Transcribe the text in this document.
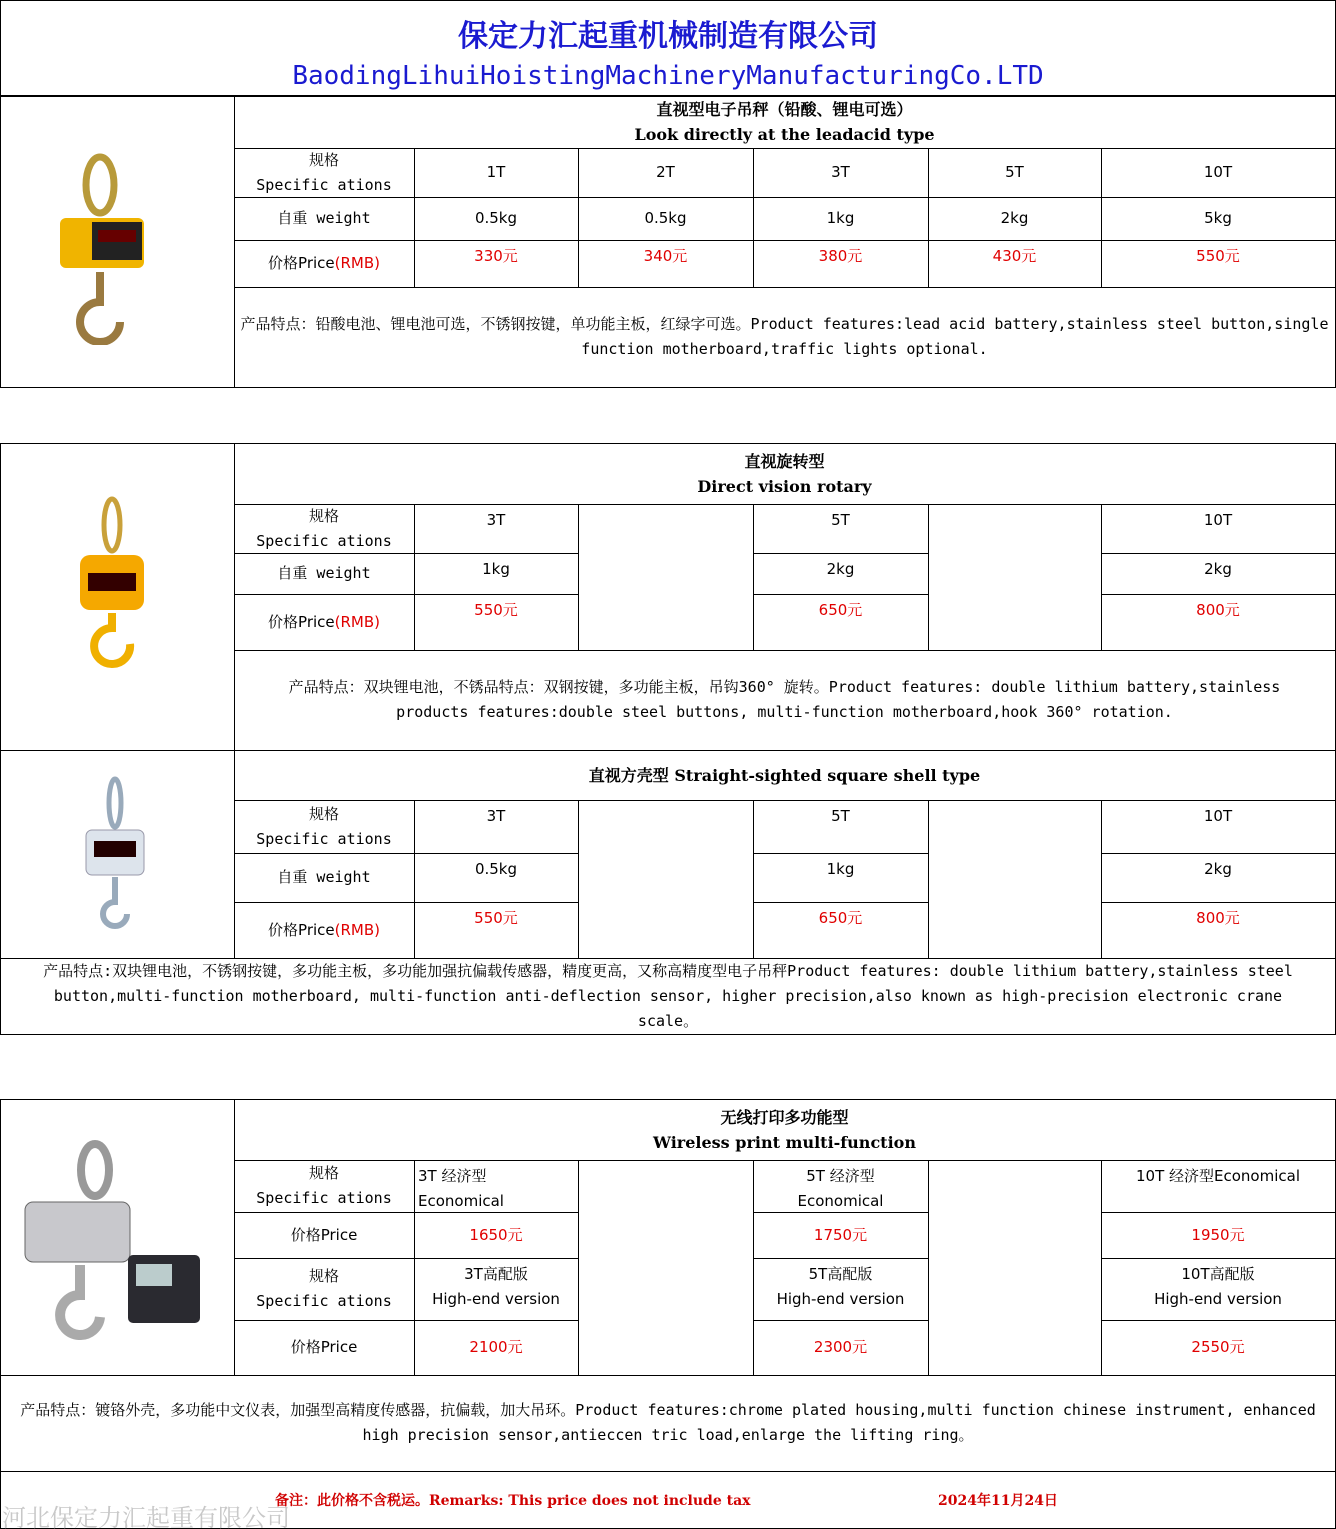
保定力汇起重机械制造有限公司
BaodingLihuiHoistingMachineryManufacturingCo.LTD
直视型电子吊秤（铅酸、锂电可选）
Look directly at the leadacid type
规格
Specific ations
自重 weight
价格 Price (RMB)
1T
0.5kg
330元
2T
0.5kg
340元
3T
1kg
380元
5T
2kg
430元
10T
5kg
550元
产品特点：铅酸电池、锂电池可选，不锈钢按键，单功能主板，红绿字可选。Product features:lead acid battery,stainless steel button,single function motherboard,traffic lights optional.
直视旋转型
Direct vision rotary
规格
Specific ations
自重 weight
价格 Price (RMB)
3T
1kg
550元
5T
2kg
650元
10T
2kg
800元
产品特点：双块锂电池，不锈品特点：双钢按键，多功能主板，吊钩360° 旋转。Product features: double lithium battery,stainless products features:double steel buttons, multi-function motherboard,hook 360° rotation.
直视方壳型 Straight-sighted square shell type
规格
Specific ations
自重 weight
价格 Price (RMB)
3T
0.5kg
550元
5T
1kg
650元
10T
2kg
800元
产品特点:双块锂电池，不锈钢按键，多功能主板，多功能加强抗偏载传感器，精度更高，又称高精度型电子吊秤Product features: double lithium battery,stainless steel button,multi-function motherboard, multi-function anti-deflection sensor, higher precision,also known as high-precision electronic crane scale。
无线打印多功能型
Wireless print multi-function
规格
Specific ations
价格Price
规格
Specific ations
价格Price
3T 经济型
Economical
1650元
3T高配版
High-end version
2100元
5T 经济型
Economical
1750元
5T高配版
High-end version
2300元
10T 经济型Economical
1950元
10T高配版
High-end version
2550元
产品特点：镀铬外壳，多功能中文仪表，加强型高精度传感器，抗偏载，加大吊环。Product features:chrome plated housing,multi function chinese instrument, enhanced high precision sensor,antieccen tric load,enlarge the lifting ring。
备注：此价格不含税运。Remarks: This price does not include tax	2024年11月24日
河北保定力汇起重有限公司
